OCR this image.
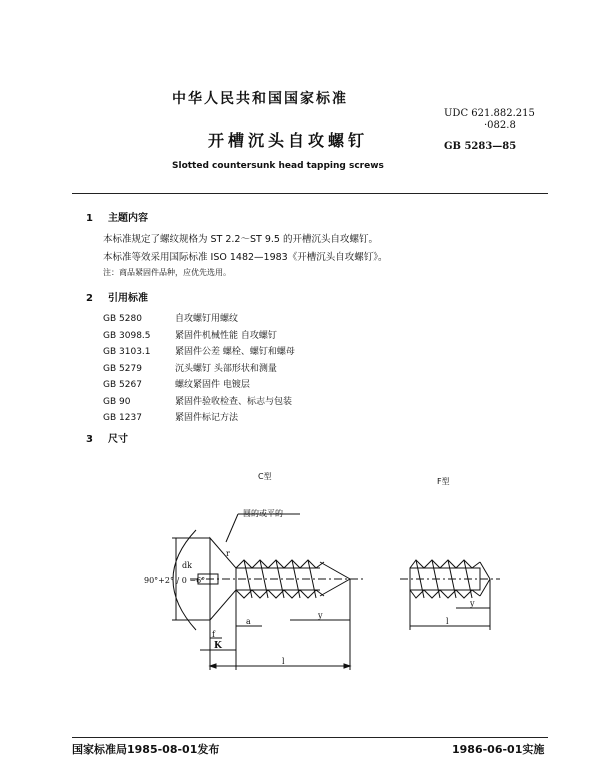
中华人民共和国国家标准
UDC 621.882.215
·082.8
GB 5283—85
开槽沉头自攻螺钉
Slotted countersunk head tapping screws
1 主题内容
本标准规定了螺纹规格为 ST 2.2～ST 9.5 的开槽沉头自攻螺钉。
本标准等效采用国际标准 ISO 1482—1983《开槽沉头自攻螺钉》。
注：商品紧固件品种，应优先选用。
2 引用标准
GB 5280	自攻螺钉用螺纹
GB 3098.5	紧固件机械性能 自攻螺钉
GB 3103.1	紧固件公差 螺栓、螺钉和螺母
GB 5279	沉头螺钉 头部形状和测量
GB 5267	螺纹紧固件 电镀层
GB 90	紧固件验收检查、标志与包装
GB 1237	紧固件标记方法
3 尺寸
C型
F型
圆的或平的
90°+2° / 0 −6°
dk
r
f
a
y
K
l
l
y
国家标准局1985-08-01发布	1986-06-01实施
